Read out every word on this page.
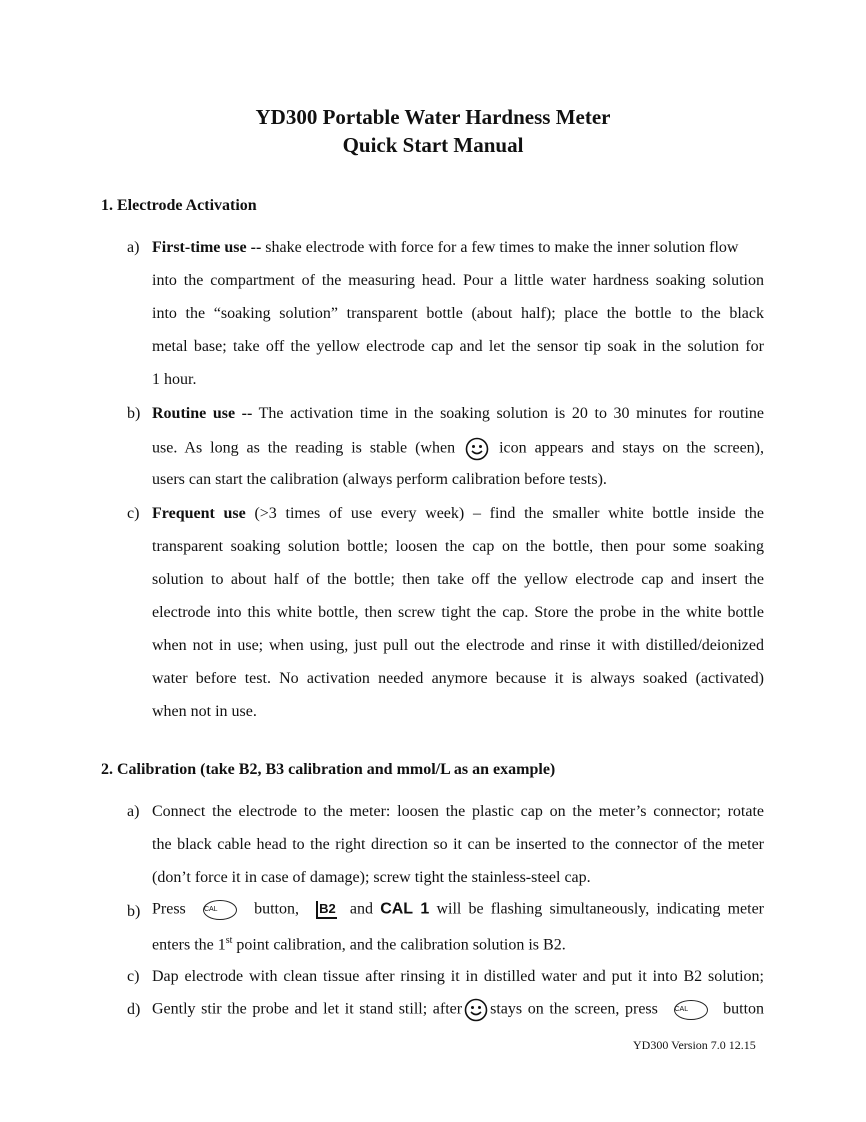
YD300 Portable Water Hardness Meter
Quick Start Manual
1. Electrode Activation
a) First-time use -- shake electrode with force for a few times to make the inner solution flow
into the compartment of the measuring head. Pour a little water hardness soaking solution
into the “soaking solution” transparent bottle (about half); place the bottle to the black
metal base; take off the yellow electrode cap and let the sensor tip soak in the solution for
1 hour.
b) Routine use -- The activation time in the soaking solution is 20 to 30 minutes for routine
use. As long as the reading is stable (when	icon appears and stays on the screen),
users can start the calibration (always perform calibration before tests).
c) Frequent use (>3 times of use every week) – find the smaller white bottle inside the
transparent soaking solution bottle; loosen the cap on the bottle, then pour some soaking
solution to about half of the bottle; then take off the yellow electrode cap and insert the
electrode into this white bottle, then screw tight the cap. Store the probe in the white bottle
when not in use; when using, just pull out the electrode and rinse it with distilled/deionized
water before test. No activation needed anymore because it is always soaked (activated)
when not in use.
2. Calibration (take B2, B3 calibration and mmol/L as an example)
a) Connect the electrode to the meter: loosen the plastic cap on the meter’s connector; rotate
the black cable head to the right direction so it can be inserted to the connector of the meter
(don’t force it in case of damage); screw tight the stainless-steel cap.
b) Press	CAL button, B2 and CAL 1 will be flashing simultaneously, indicating meter
enters the 1st point calibration, and the calibration solution is B2.
c) Dap electrode with clean tissue after rinsing it in distilled water and put it into B2 solution;
d) Gently stir the probe and let it stand still; after stays on the screen, press CAL button
YD300 Version 7.0 12.15
